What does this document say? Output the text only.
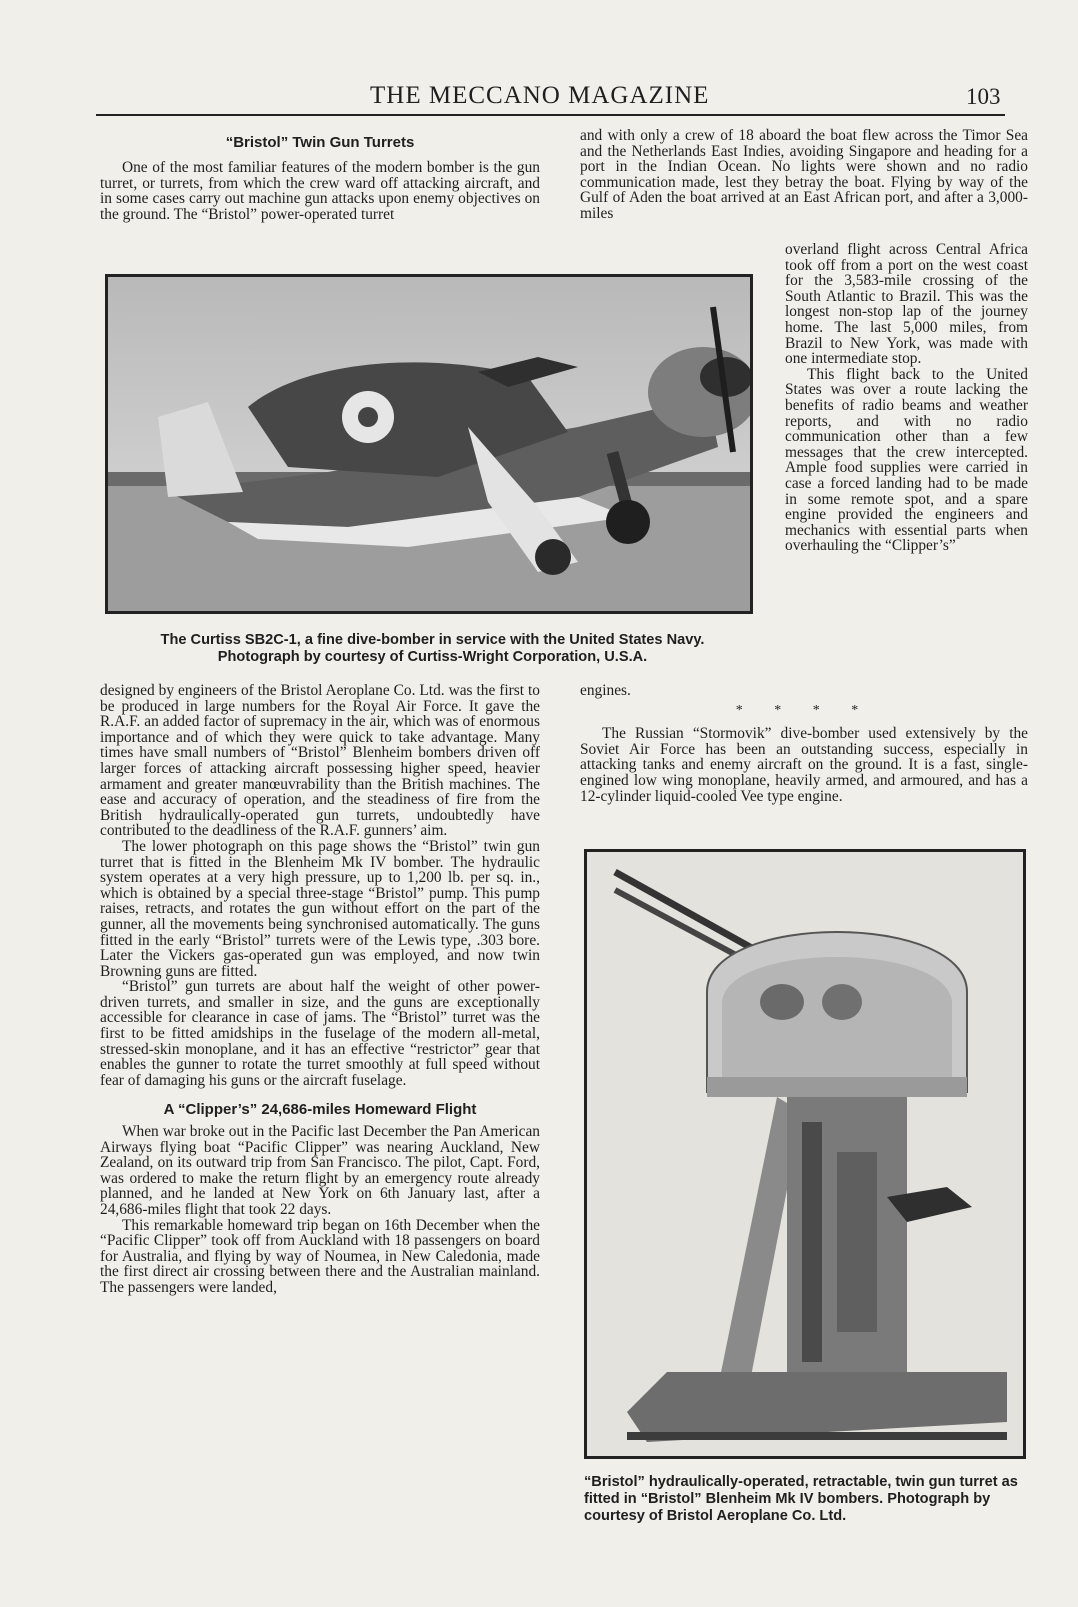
THE MECCANO MAGAZINE	103
“Bristol” Twin Gun Turrets

One of the most familiar features of the modern bomber is the gun turret, or turrets, from which the crew ward off attacking aircraft, and in some cases carry out machine gun attacks upon enemy objectives on the ground. The “Bristol” power-operated turret

and with only a crew of 18 aboard the boat flew across the Timor Sea and the Netherlands East Indies, avoiding Singapore and heading for a port in the Indian Ocean. No lights were shown and no radio communication made, lest they betray the boat. Flying by way of the Gulf of Aden the boat arrived at an East African port, and after a 3,000-miles

The Curtiss SB2C-1, a fine dive-bomber in service with the United States Navy.
Photograph by courtesy of Curtiss-Wright Corporation, U.S.A.

overland flight across Central Africa took off from a port on the west coast for the 3,583-mile crossing of the South Atlantic to Brazil. This was the longest non-stop lap of the journey home. The last 5,000 miles, from Brazil to New York, was made with one intermediate stop.

This flight back to the United States was over a route lacking the benefits of radio beams and weather reports, and with no radio communication other than a few messages that the crew intercepted. Ample food supplies were carried in case a forced landing had to be made in some remote spot, and a spare engine provided the engineers and mechanics with essential parts when overhauling the “Clipper’s”

designed by engineers of the Bristol Aeroplane Co. Ltd. was the first to be produced in large numbers for the Royal Air Force. It gave the R.A.F. an added factor of supremacy in the air, which was of enormous importance and of which they were quick to take advantage. Many times have small numbers of “Bristol” Blenheim bombers driven off larger forces of attacking aircraft possessing higher speed, heavier armament and greater manœuvrability than the British machines. The ease and accuracy of operation, and the steadiness of fire from the British hydraulically-operated gun turrets, undoubtedly have contributed to the deadliness of the R.A.F. gunners’ aim.

The lower photograph on this page shows the “Bristol” twin gun turret that is fitted in the Blenheim Mk IV bomber. The hydraulic system operates at a very high pressure, up to 1,200 lb. per sq. in., which is obtained by a special three-stage “Bristol” pump. This pump raises, retracts, and rotates the gun without effort on the part of the gunner, all the movements being synchronised automatically. The guns fitted in the early “Bristol” turrets were of the Lewis type, .303 bore. Later the Vickers gas-operated gun was employed, and now twin Browning guns are fitted.

“Bristol” gun turrets are about half the weight of other power-driven turrets, and smaller in size, and the guns are exceptionally accessible for clearance in case of jams. The “Bristol” turret was the first to be fitted amidships in the fuselage of the modern all-metal, stressed-skin monoplane, and it has an effective “restrictor” gear that enables the gunner to rotate the turret smoothly at full speed without fear of damaging his guns or the aircraft fuselage.

A “Clipper’s” 24,686-miles Homeward Flight

When war broke out in the Pacific last December the Pan American Airways flying boat “Pacific Clipper” was nearing Auckland, New Zealand, on its outward trip from San Francisco. The pilot, Capt. Ford, was ordered to make the return flight by an emergency route already planned, and he landed at New York on 6th January last, after a 24,686-miles flight that took 22 days.

This remarkable homeward trip began on 16th December when the “Pacific Clipper” took off from Auckland with 18 passengers on board for Australia, and flying by way of Noumea, in New Caledonia, made the first direct air crossing between there and the Australian mainland. The passengers were landed,

engines.

* * * *

The Russian “Stormovik” dive-bomber used extensively by the Soviet Air Force has been an outstanding success, especially in attacking tanks and enemy aircraft on the ground. It is a fast, single-engined low wing monoplane, heavily armed, and armoured, and has a 12-cylinder liquid-cooled Vee type engine.

“Bristol” hydraulically-operated, retractable, twin gun turret as fitted in “Bristol” Blenheim Mk IV bombers. Photograph by courtesy of Bristol Aeroplane Co. Ltd.
